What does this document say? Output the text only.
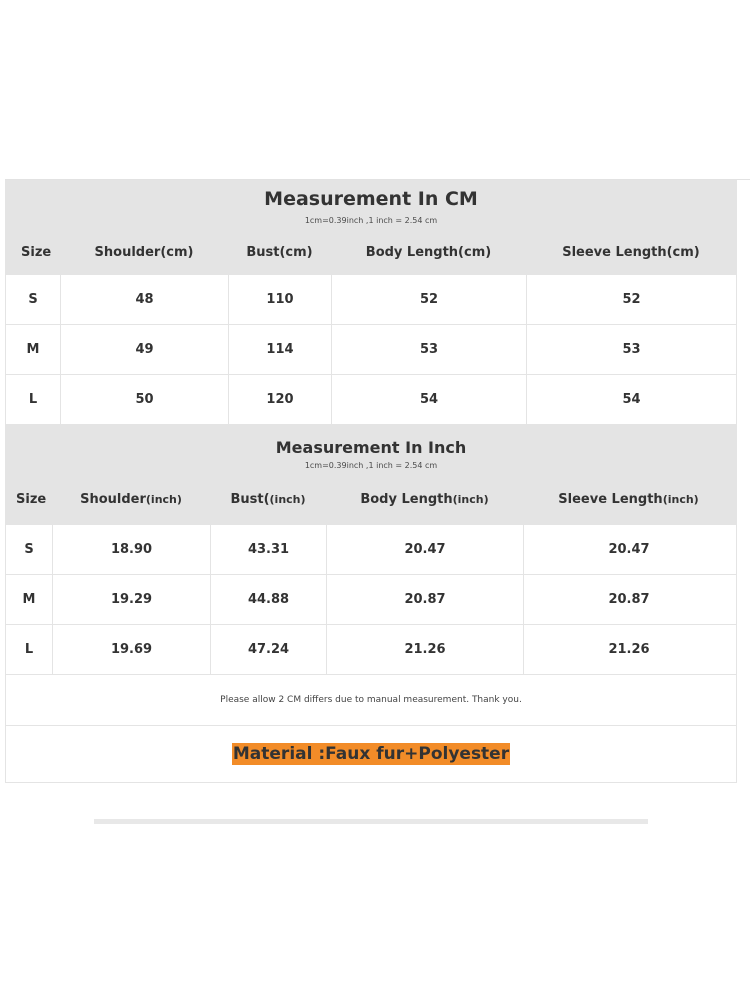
Measurement In CM
1cm=0.39inch ,1 inch = 2.54 cm
Size	Shoulder(cm)	Bust(cm)	Body Length(cm)	Sleeve Length(cm)
S	48	110	52	52
M	49	114	53	53
L	50	120	54	54
Measurement In Inch
1cm=0.39inch ,1 inch = 2.54 cm
Size	Shoulder(inch)	Bust((inch)	Body Length(inch)	Sleeve Length(inch)
S	18.90	43.31	20.47	20.47
M	19.29	44.88	20.87	20.87
L	19.69	47.24	21.26	21.26
Please allow 2 CM differs due to manual measurement. Thank you.
Material :Faux fur+Polyester
